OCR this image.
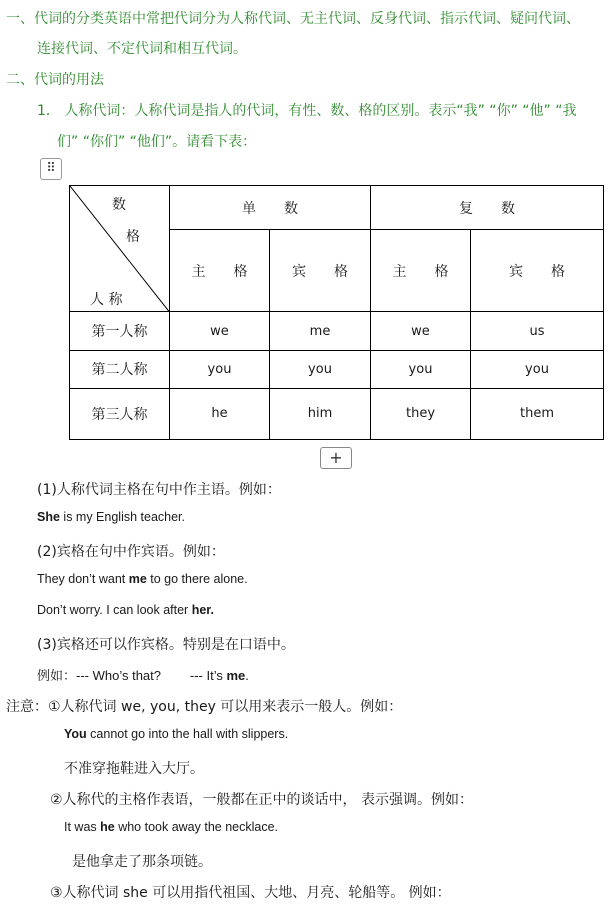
一、代词的分类英语中常把代词分为人称代词、无主代词、反身代词、指示代词、疑问代词、
连接代词、不定代词和相互代词。
二、代词的用法
1． 人称代词：人称代词是指人的代词，有性、数、格的区别。表示“我” “你” “他” “我
们” “你们” “他们”。请看下表：
⠿
数
格
人 称	单　　数		复　　数	
	主　　格	宾　　格	主　　格	宾　　格
第一人称	we	me	we	us
第二人称	you	you	you	you
第三人称	he	him	they	them
+
(1)人称代词主格在句中作主语。例如：
She is my English teacher.
(2)宾格在句中作宾语。例如：
They don’t want me to go there alone.
Don’t worry. I can look after her.
(3)宾格还可以作宾格。特别是在口语中。
例如：--- Who’s that?        --- It’s me.
注意：①人称代词 we, you, they 可以用来表示一般人。例如：
You cannot go into the hall with slippers.
不准穿拖鞋进入大厅。
②人称代的主格作表语，一般都在正中的谈话中， 表示强调。例如：
It was he who took away the necklace.
是他拿走了那条项链。
③人称代词 she 可以用指代祖国、大地、月亮、轮船等。 例如：
